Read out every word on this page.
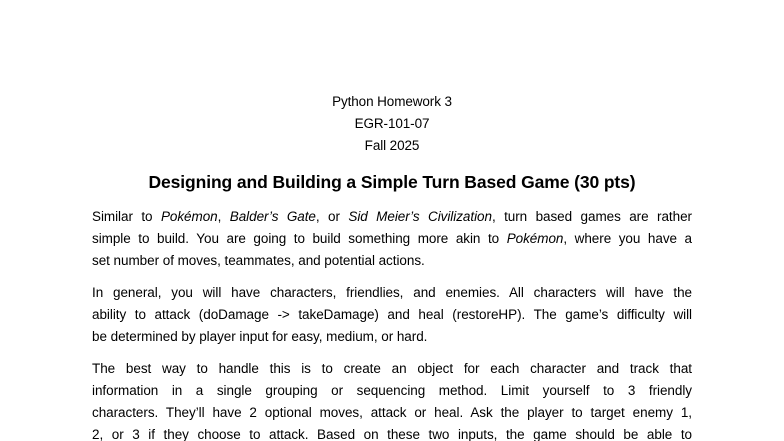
Python Homework 3
EGR-101-07
Fall 2025
Designing and Building a Simple Turn Based Game (30 pts)
Similar to Pokémon, Balder’s Gate, or Sid Meier’s Civilization, turn based games are rather
simple to build. You are going to build something more akin to Pokémon, where you have a
set number of moves, teammates, and potential actions.
In general, you will have characters, friendlies, and enemies. All characters will have the
ability to attack (doDamage -> takeDamage) and heal (restoreHP). The game’s difficulty will
be determined by player input for easy, medium, or hard.
The best way to handle this is to create an object for each character and track that
information in a single grouping or sequencing method. Limit yourself to 3 friendly
characters. They’ll have 2 optional moves, attack or heal. Ask the player to target enemy 1,
2, or 3 if they choose to attack. Based on these two inputs, the game should be able to
